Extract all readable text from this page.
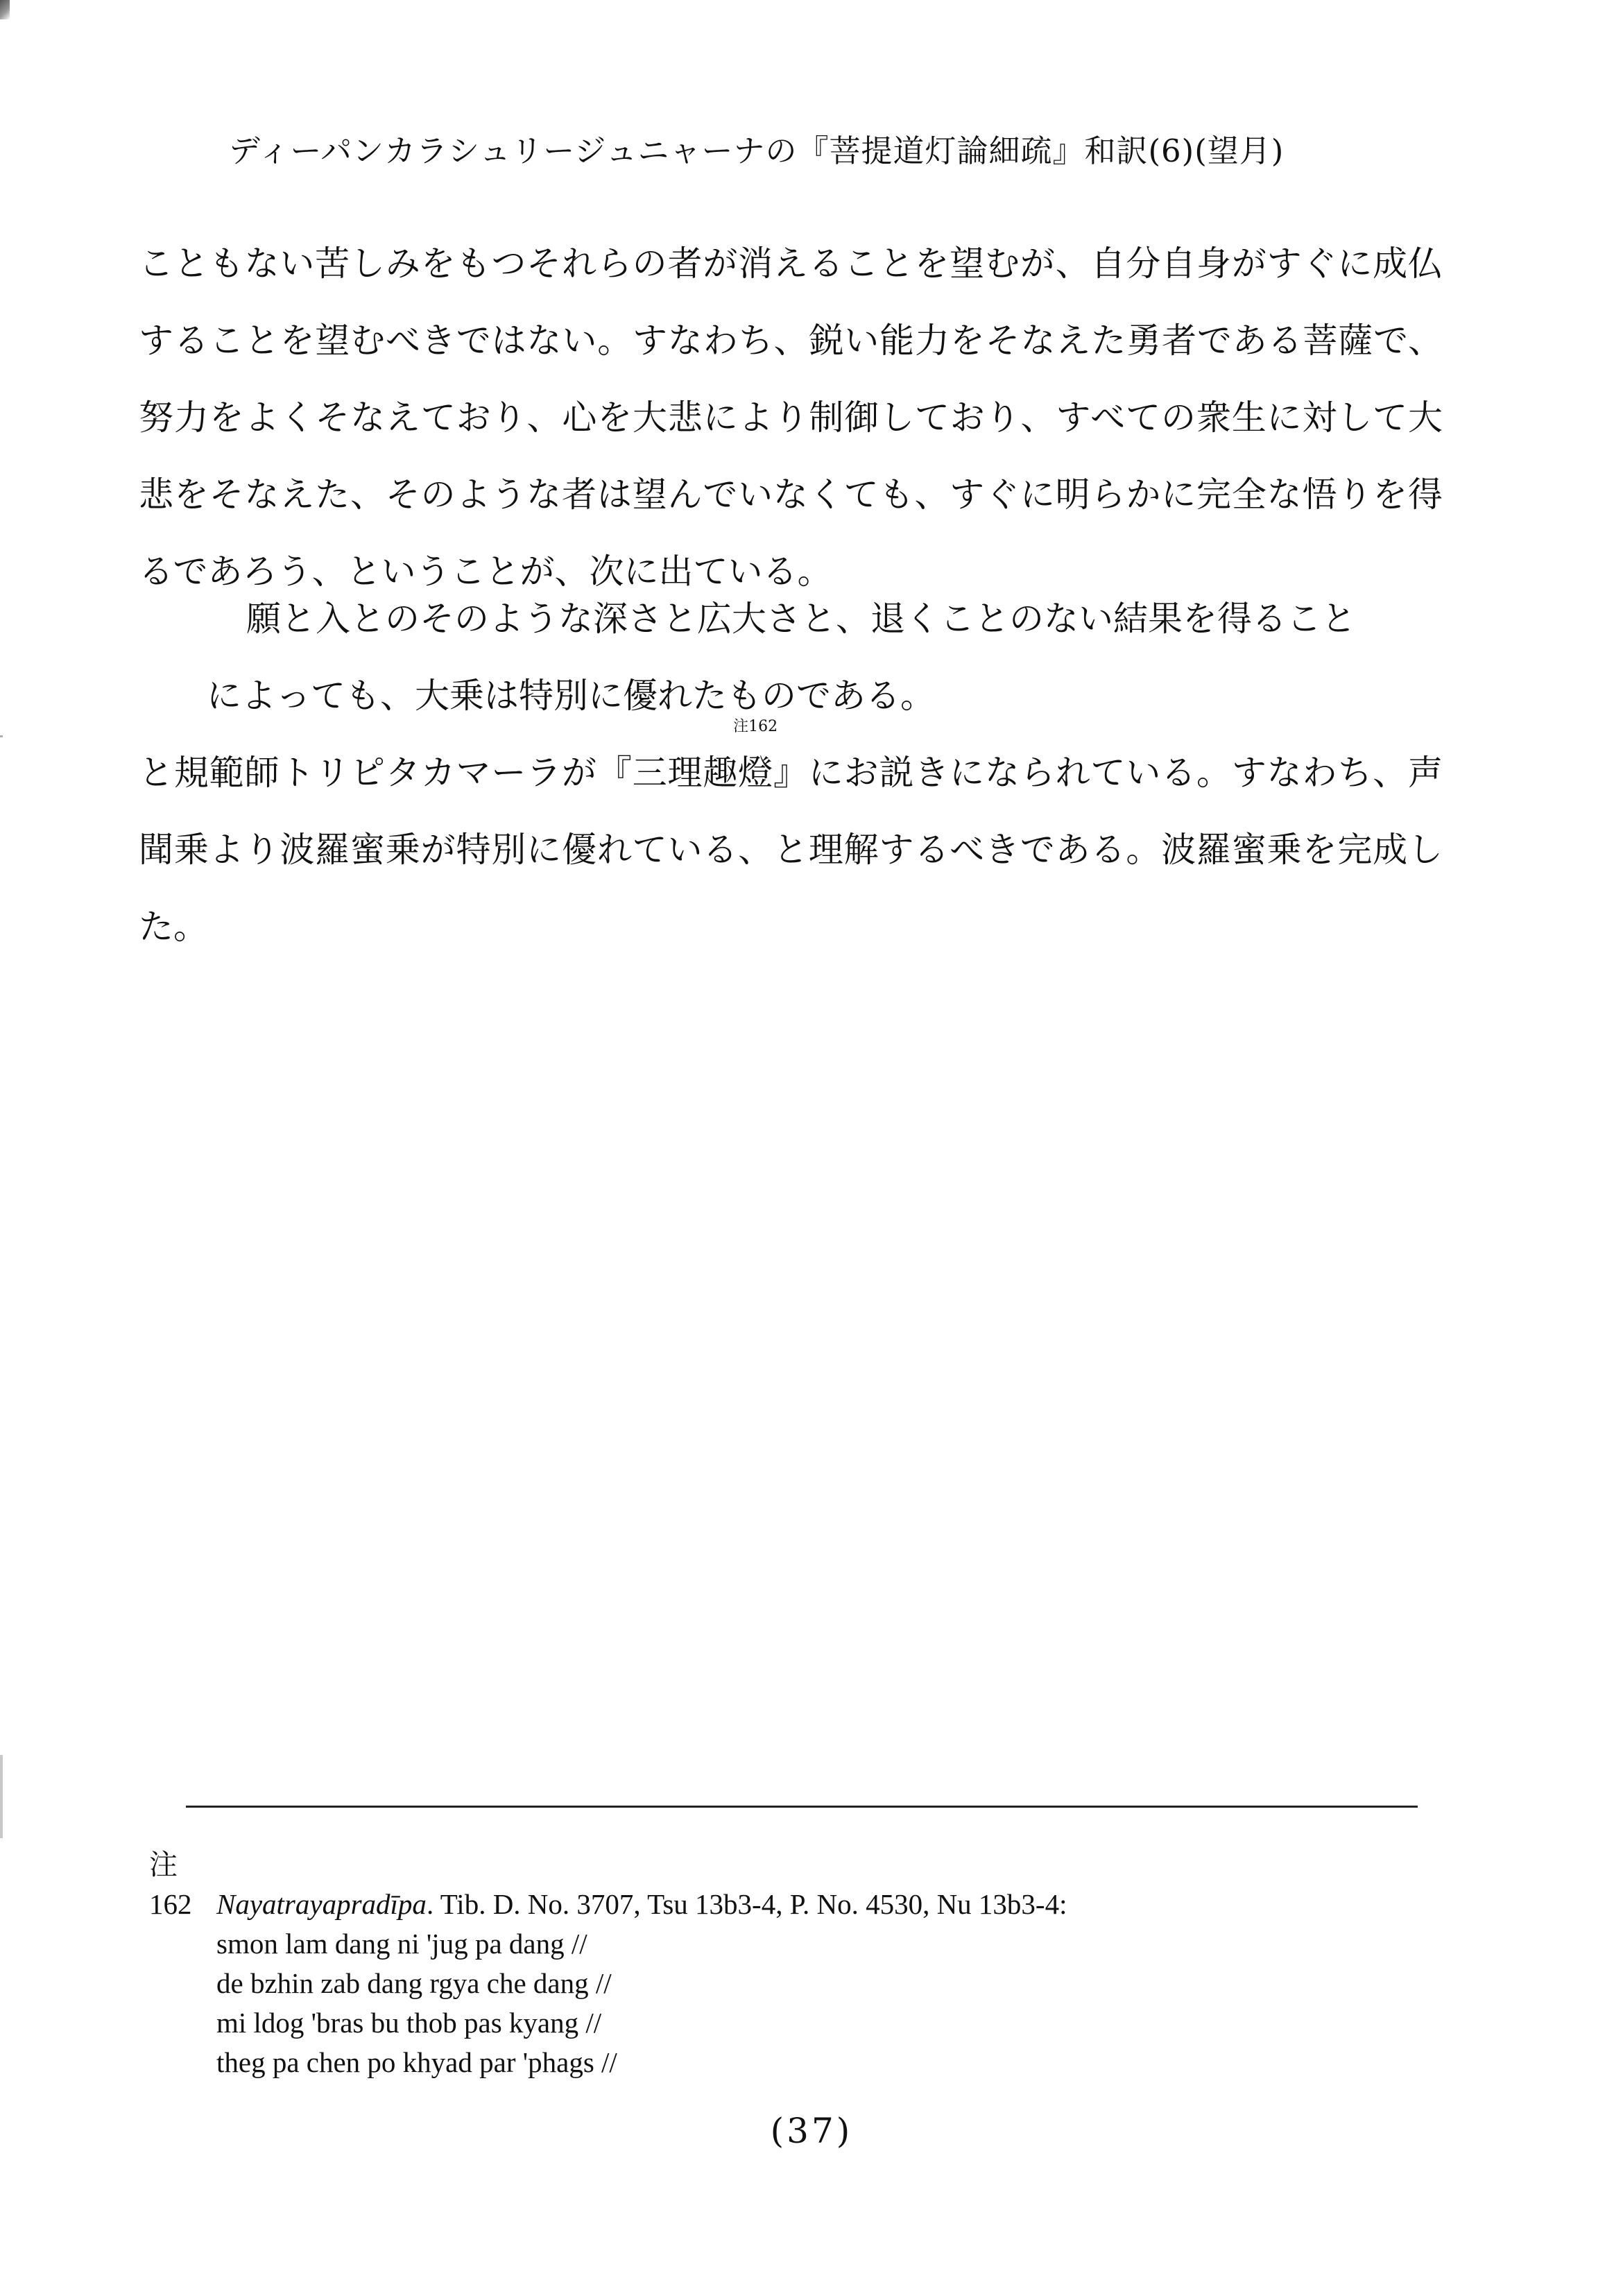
ディーパンカラシュリージュニャーナの『菩提道灯論細疏』和訳(6)(望月)

こともない苦しみをもつそれらの者が消えることを望むが、自分自身がすぐに成仏することを望むべきではない。すなわち、鋭い能力をそなえた勇者である菩薩で、努力をよくそなえており、心を大悲により制御しており、すべての衆生に対して大悲をそなえた、そのような者は望んでいなくても、すぐに明らかに完全な悟りを得るであろう、ということが、次に出ている。

願と入とのそのような深さと広大さと、退くことのない結果を得ること
によっても、大乗は特別に優れたものである。

と規範師トリピタカマーラが『三理趣
注162
燈』にお説きになられている。すなわち、声聞乗より波羅蜜乗が特別に優れている、と理解するべきである。波羅蜜乗を完成した。

注162 Nayatrayapradīpa. Tib. D. No. 3707, Tsu 13b3-4, P. No. 4530, Nu 13b3-4:
smon lam dang ni 'jug pa dang //
de bzhin zab dang rgya che dang //
mi ldog 'bras bu thob pas kyang //
theg pa chen po khyad par 'phags //
(37)
